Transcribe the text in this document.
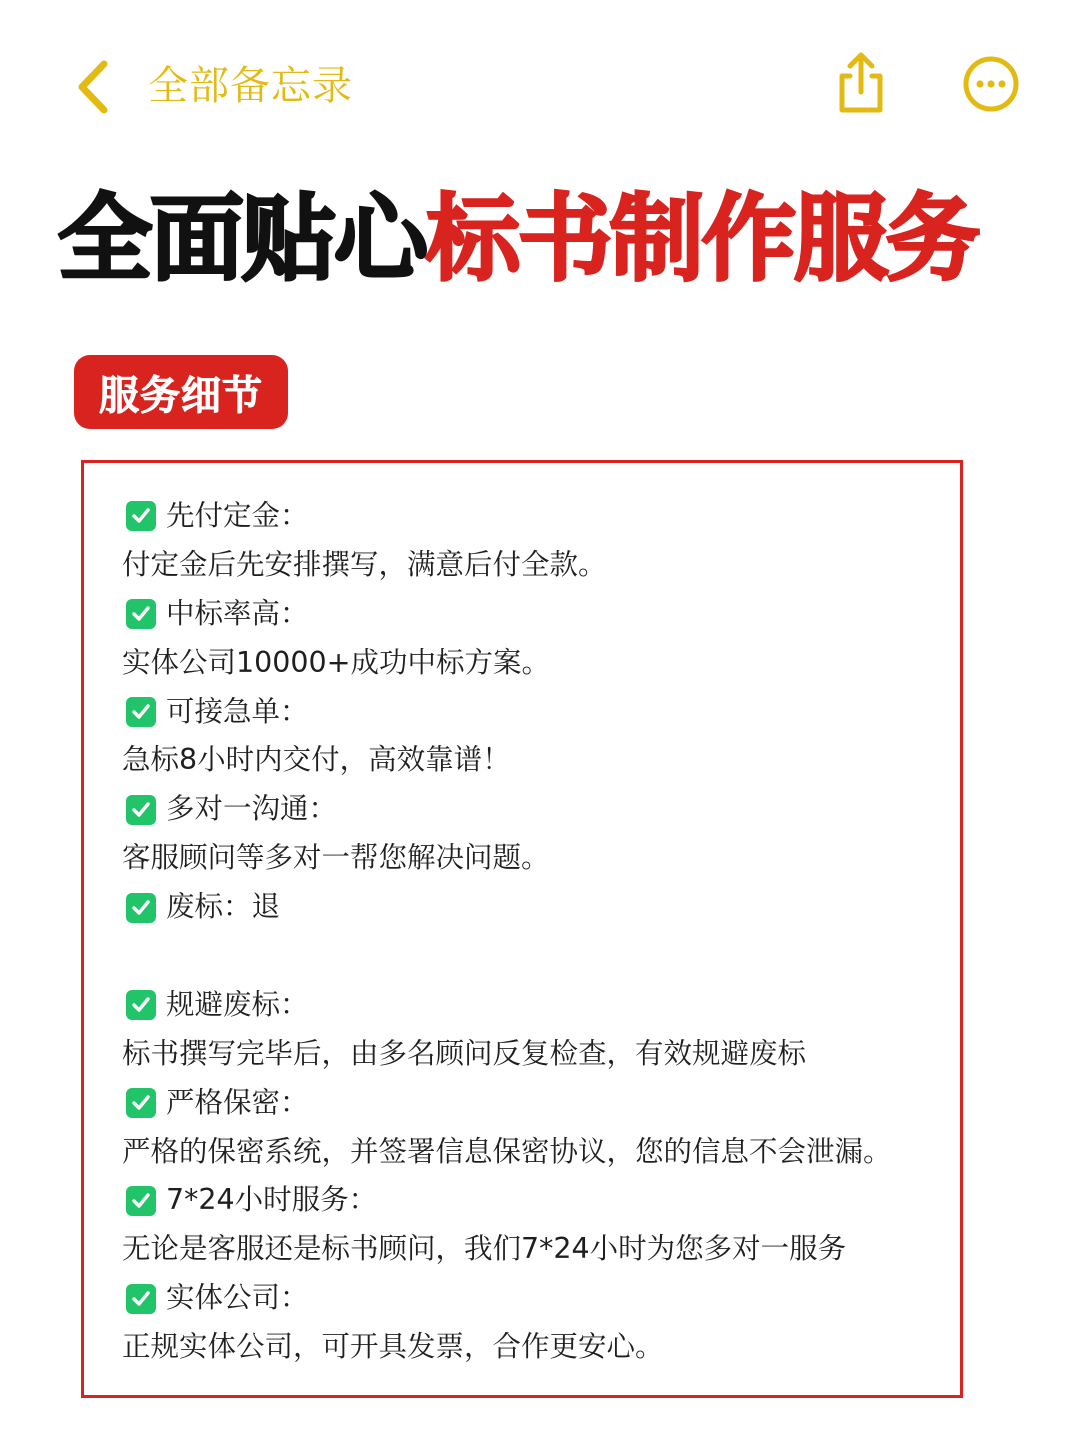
全部备忘录
全面贴心标书制作服务
服务细节
先付定金：
付定金后先安排撰写，满意后付全款。
中标率高：
实体公司10000+成功中标方案。
可接急单：
急标8小时内交付，高效靠谱！
多对一沟通：
客服顾问等多对一帮您解决问题。
废标：退
规避废标：
标书撰写完毕后，由多名顾问反复检查，有效规避废标
严格保密：
严格的保密系统，并签署信息保密协议，您的信息不会泄漏。
7*24小时服务：
无论是客服还是标书顾问，我们7*24小时为您多对一服务
实体公司：
正规实体公司，可开具发票，合作更安心。
